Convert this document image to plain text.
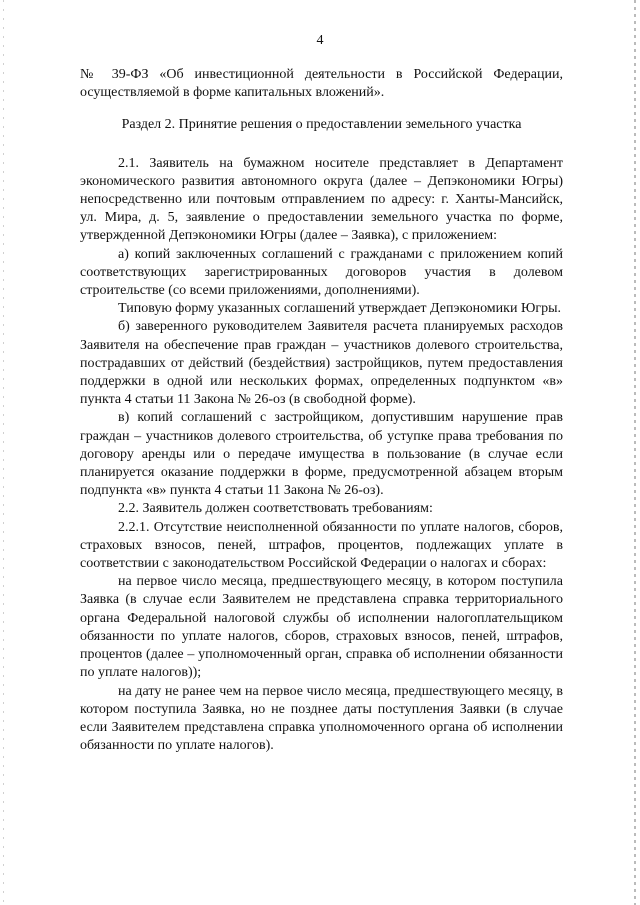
4

№ 39-ФЗ «Об инвестиционной деятельности в Российской Федерации, осуществляемой в форме капитальных вложений».

Раздел 2. Принятие решения о предоставлении земельного участка

2.1. Заявитель на бумажном носителе представляет в Департамент экономического развития автономного округа (далее – Депэкономики Югры) непосредственно или почтовым отправлением по адресу: г. Ханты-Мансийск, ул. Мира, д. 5, заявление о предоставлении земельного участка по форме, утвержденной Депэкономики Югры (далее – Заявка), с приложением:

а) копий заключенных соглашений с гражданами с приложением копий соответствующих зарегистрированных договоров участия в долевом строительстве (со всеми приложениями, дополнениями).

Типовую форму указанных соглашений утверждает Депэкономики Югры.

б) заверенного руководителем Заявителя расчета планируемых расходов Заявителя на обеспечение прав граждан – участников долевого строительства, пострадавших от действий (бездействия) застройщиков, путем предоставления поддержки в одной или нескольких формах, определенных подпунктом «в» пункта 4 статьи 11 Закона № 26-оз (в свободной форме).

в) копий соглашений с застройщиком, допустившим нарушение прав граждан – участников долевого строительства, об уступке права требования по договору аренды или о передаче имущества в пользование (в случае если планируется оказание поддержки в форме, предусмотренной абзацем вторым подпункта «в» пункта 4 статьи 11 Закона № 26-оз).

2.2. Заявитель должен соответствовать требованиям:

2.2.1. Отсутствие неисполненной обязанности по уплате налогов, сборов, страховых взносов, пеней, штрафов, процентов, подлежащих уплате в соответствии с законодательством Российской Федерации о налогах и сборах:

на первое число месяца, предшествующего месяцу, в котором поступила Заявка (в случае если Заявителем не представлена справка территориального органа Федеральной налоговой службы об исполнении налогоплательщиком обязанности по уплате налогов, сборов, страховых взносов, пеней, штрафов, процентов (далее – уполномоченный орган, справка об исполнении обязанности по уплате налогов));

на дату не ранее чем на первое число месяца, предшествующего месяцу, в котором поступила Заявка, но не позднее даты поступления Заявки (в случае если Заявителем представлена справка уполномоченного органа об исполнении обязанности по уплате налогов).
